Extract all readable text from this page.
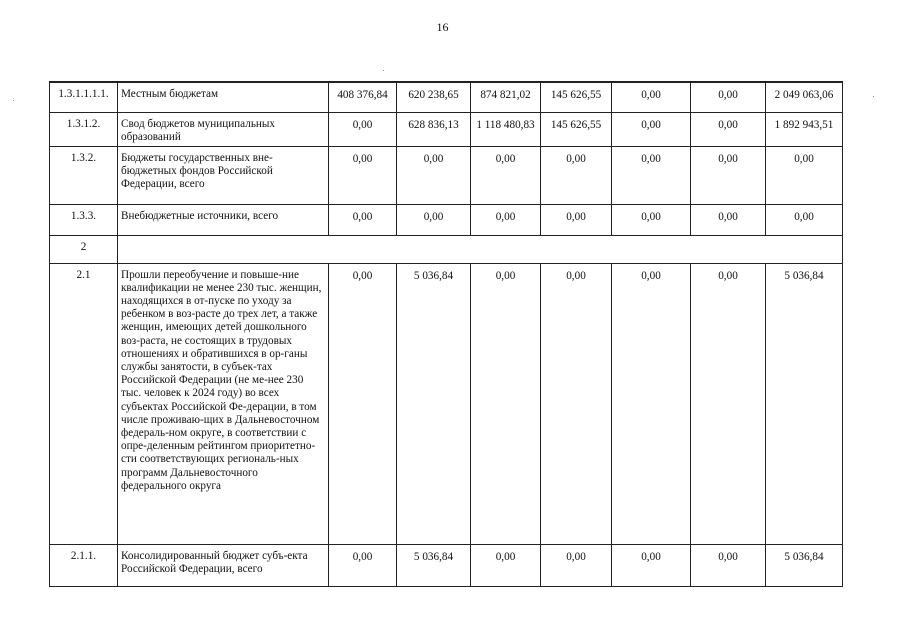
16
1.3.1.1.1.1.	Местным бюджетам	408 376,84	620 238,65	874 821,02	145 626,55	0,00	0,00	2 049 063,06
1.3.1.2.	Свод бюджетов муниципальных образований	0,00	628 836,13	1 118 480,83	145 626,55	0,00	0,00	1 892 943,51
1.3.2.	Бюджеты государственных вне-бюджетных фондов Российской Федерации, всего	0,00	0,00	0,00	0,00	0,00	0,00	0,00
1.3.3.	Внебюджетные источники, всего	0,00	0,00	0,00	0,00	0,00	0,00	0,00
2								
2.1	Прошли переобучение и повыше-ние квалификации не менее 230 тыс. женщин, находящихся в от-пуске по уходу за ребенком в воз-расте до трех лет, а также женщин, имеющих детей дошкольного воз-раста, не состоящих в трудовых отношениях и обратившихся в ор-ганы службы занятости, в субъек-тах Российской Федерации (не ме-нее 230 тыс. человек к 2024 году) во всех субъектах Российской Фе-дерации, в том числе проживаю-щих в Дальневосточном федераль-ном округе, в соответствии с опре-деленным рейтингом приоритетно-сти соответствующих региональ-ных программ Дальневосточного федерального округа	0,00	5 036,84	0,00	0,00	0,00	0,00	5 036,84
2.1.1.	Консолидированный бюджет субъ-екта Российской Федерации, всего	0,00	5 036,84	0,00	0,00	0,00	0,00	5 036,84
